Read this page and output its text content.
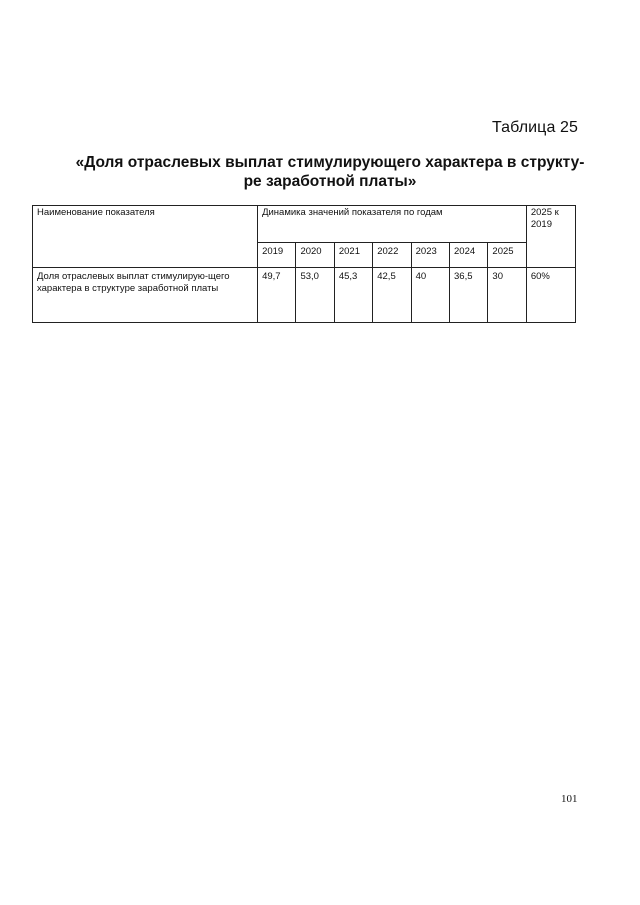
Таблица 25
«Доля отраслевых выплат стимулирующего характера в структу-
ре заработной платы»
Наименование показателя	Динамика значений показателя по годам							2025 к 2019
	2019	2020	2021	2022	2023	2024	2025	
Доля отраслевых выплат стимулирую-щего характера в структуре заработной платы	49,7	53,0	45,3	42,5	40	36,5	30	60%
101
